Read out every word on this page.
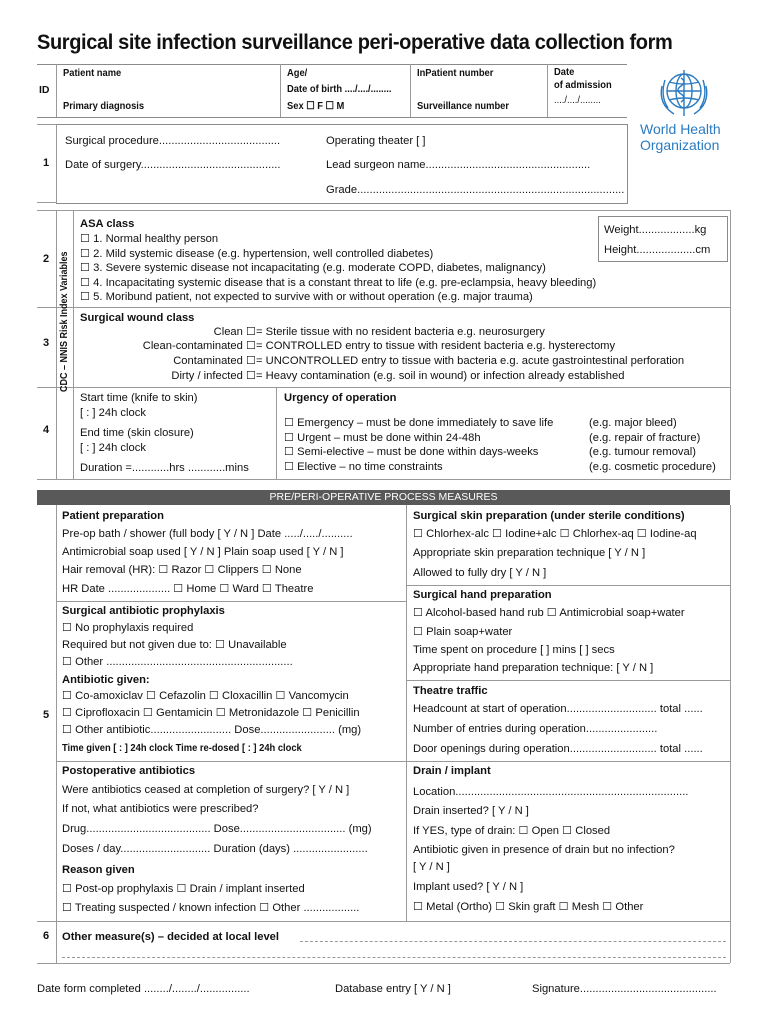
Surgical site infection surveillance peri-operative data collection form
ID
Patient name
Primary diagnosis
Age/
Date of birth ..../..../........
Sex ☐ F ☐ M
InPatient number
Surveillance number
Date
of admission
..../..../........
World Health
Organization
1
Surgical procedure.......................................	Operating theater [ ]
Date of surgery.............................................	Lead surgeon name.....................................................
Grade......................................................................................
CDC – NNIS Risk Index Variables
2
3
4
ASA class
☐ 1. Normal healthy person
☐ 2. Mild systemic disease (e.g. hypertension, well controlled diabetes)
☐ 3. Severe systemic disease not incapacitating (e.g. moderate COPD, diabetes, malignancy)
☐ 4. Incapacitating systemic disease that is a constant threat to life (e.g. pre-eclampsia, heavy bleeding)
☐ 5. Moribund patient, not expected to survive with or without operation (e.g. major trauma)
Weight..................kg
Height...................cm
Surgical wound class
Clean ☐ = Sterile tissue with no resident bacteria e.g. neurosurgery
Clean-contaminated ☐ = CONTROLLED entry to tissue with resident bacteria e.g. hysterectomy
Contaminated ☐ = UNCONTROLLED entry to tissue with bacteria e.g. acute gastrointestinal perforation
Dirty / infected ☐ = Heavy contamination (e.g. soil in wound) or infection already established
Start time (knife to skin)
[ : ] 24h clock
End time (skin closure)
[ : ] 24h clock
Duration =............hrs ............mins
Urgency of operation
☐ Emergency – must be done immediately to save life	(e.g. major bleed)
☐ Urgent – must be done within 24-48h	(e.g. repair of fracture)
☐ Semi-elective – must be done within days-weeks	(e.g. tumour removal)
☐ Elective – no time constraints	(e.g. cosmetic procedure)
PRE/PERI-OPERATIVE PROCESS MEASURES
5
Patient preparation
Pre-op bath / shower (full body [ Y / N ] Date ...../...../..........
Antimicrobial soap used [ Y / N ] Plain soap used [ Y / N ]
Hair removal (HR): ☐ Razor ☐ Clippers ☐ None
HR Date .................... ☐ Home ☐ Ward ☐ Theatre
Surgical antibiotic prophylaxis
☐ No prophylaxis required
Required but not given due to: ☐ Unavailable
☐ Other ............................................................
Antibiotic given:
☐ Co-amoxiclav ☐ Cefazolin ☐ Cloxacillin ☐ Vancomycin
☐ Ciprofloxacin ☐ Gentamicin ☐ Metronidazole ☐ Penicillin
☐ Other antibiotic.......................... Dose........................ (mg)
Time given [ : ] 24h clock Time re-dosed [ : ] 24h clock
Postoperative antibiotics
Were antibiotics ceased at completion of surgery? [ Y / N ]
If not, what antibiotics were prescribed?
Drug........................................ Dose.................................. (mg)
Doses / day............................. Duration (days) ........................
Reason given
☐ Post-op prophylaxis ☐ Drain / implant inserted
☐ Treating suspected / known infection ☐ Other ..................
Surgical skin preparation (under sterile conditions)
☐ Chlorhex-alc ☐ Iodine+alc ☐ Chlorhex-aq ☐ Iodine-aq
Appropriate skin preparation technique [ Y / N ]
Allowed to fully dry [ Y / N ]
Surgical hand preparation
☐ Alcohol-based hand rub ☐ Antimicrobial soap+water
☐ Plain soap+water
Time spent on procedure [ ] mins [ ] secs
Appropriate hand preparation technique: [ Y / N ]
Theatre traffic
Headcount at start of operation............................. total ......
Number of entries during operation.......................
Door openings during operation............................ total ......
Drain / implant
Location...........................................................................
Drain inserted? [ Y / N ]
If YES, type of drain: ☐ Open ☐ Closed
Antibiotic given in presence of drain but no infection?
[ Y / N ]
Implant used? [ Y / N ]
☐ Metal (Ortho) ☐ Skin graft ☐ Mesh ☐ Other
6 Other measure(s) – decided at local level
Date form completed ......../......../................	Database entry [ Y / N ]	Signature............................................
